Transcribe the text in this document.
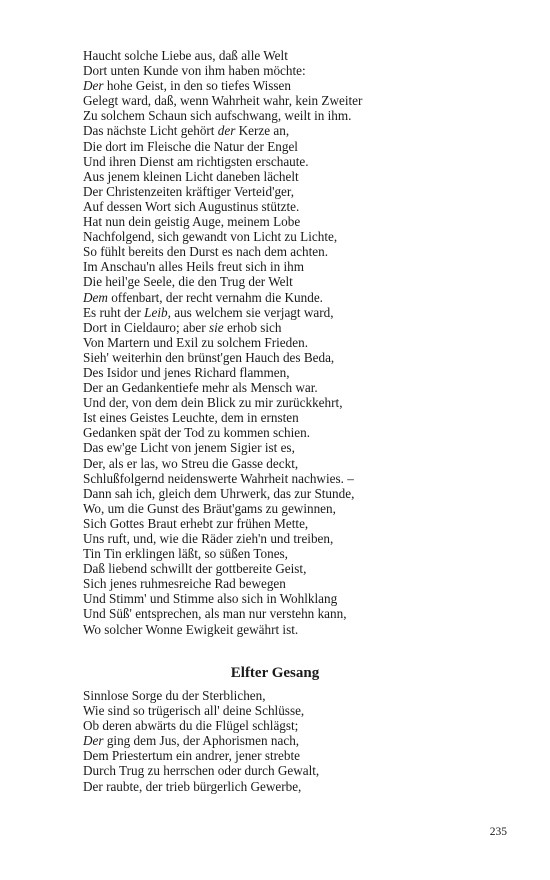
Haucht solche Liebe aus, daß alle Welt
Dort unten Kunde von ihm haben möchte:
Der hohe Geist, in den so tiefes Wissen
Gelegt ward, daß, wenn Wahrheit wahr, kein Zweiter
Zu solchem Schaun sich aufschwang, weilt in ihm.
Das nächste Licht gehört der Kerze an,
Die dort im Fleische die Natur der Engel
Und ihren Dienst am richtigsten erschaute.
Aus jenem kleinen Licht daneben lächelt
Der Christenzeiten kräftiger Verteid'ger,
Auf dessen Wort sich Augustinus stützte.
Hat nun dein geistig Auge, meinem Lobe
Nachfolgend, sich gewandt von Licht zu Lichte,
So fühlt bereits den Durst es nach dem achten.
Im Anschau'n alles Heils freut sich in ihm
Die heil'ge Seele, die den Trug der Welt
Dem offenbart, der recht vernahm die Kunde.
Es ruht der Leib, aus welchem sie verjagt ward,
Dort in Cieldauro; aber sie erhob sich
Von Martern und Exil zu solchem Frieden.
Sieh' weiterhin den brünst'gen Hauch des Beda,
Des Isidor und jenes Richard flammen,
Der an Gedankentiefe mehr als Mensch war.
Und der, von dem dein Blick zu mir zurückkehrt,
Ist eines Geistes Leuchte, dem in ernsten
Gedanken spät der Tod zu kommen schien.
Das ew'ge Licht von jenem Sigier ist es,
Der, als er las, wo Streu die Gasse deckt,
Schlußfolgernd neidenswerte Wahrheit nachwies. –
Dann sah ich, gleich dem Uhrwerk, das zur Stunde,
Wo, um die Gunst des Bräut'gams zu gewinnen,
Sich Gottes Braut erhebt zur frühen Mette,
Uns ruft, und, wie die Räder zieh'n und treiben,
Tin Tin erklingen läßt, so süßen Tones,
Daß liebend schwillt der gottbereite Geist,
Sich jenes ruhmesreiche Rad bewegen
Und Stimm' und Stimme also sich in Wohlklang
Und Süß' entsprechen, als man nur verstehn kann,
Wo solcher Wonne Ewigkeit gewährt ist.
Elfter Gesang
Sinnlose Sorge du der Sterblichen,
Wie sind so trügerisch all' deine Schlüsse,
Ob deren abwärts du die Flügel schlägst;
Der ging dem Jus, der Aphorismen nach,
Dem Priestertum ein andrer, jener strebte
Durch Trug zu herrschen oder durch Gewalt,
Der raubte, der trieb bürgerlich Gewerbe,
235
